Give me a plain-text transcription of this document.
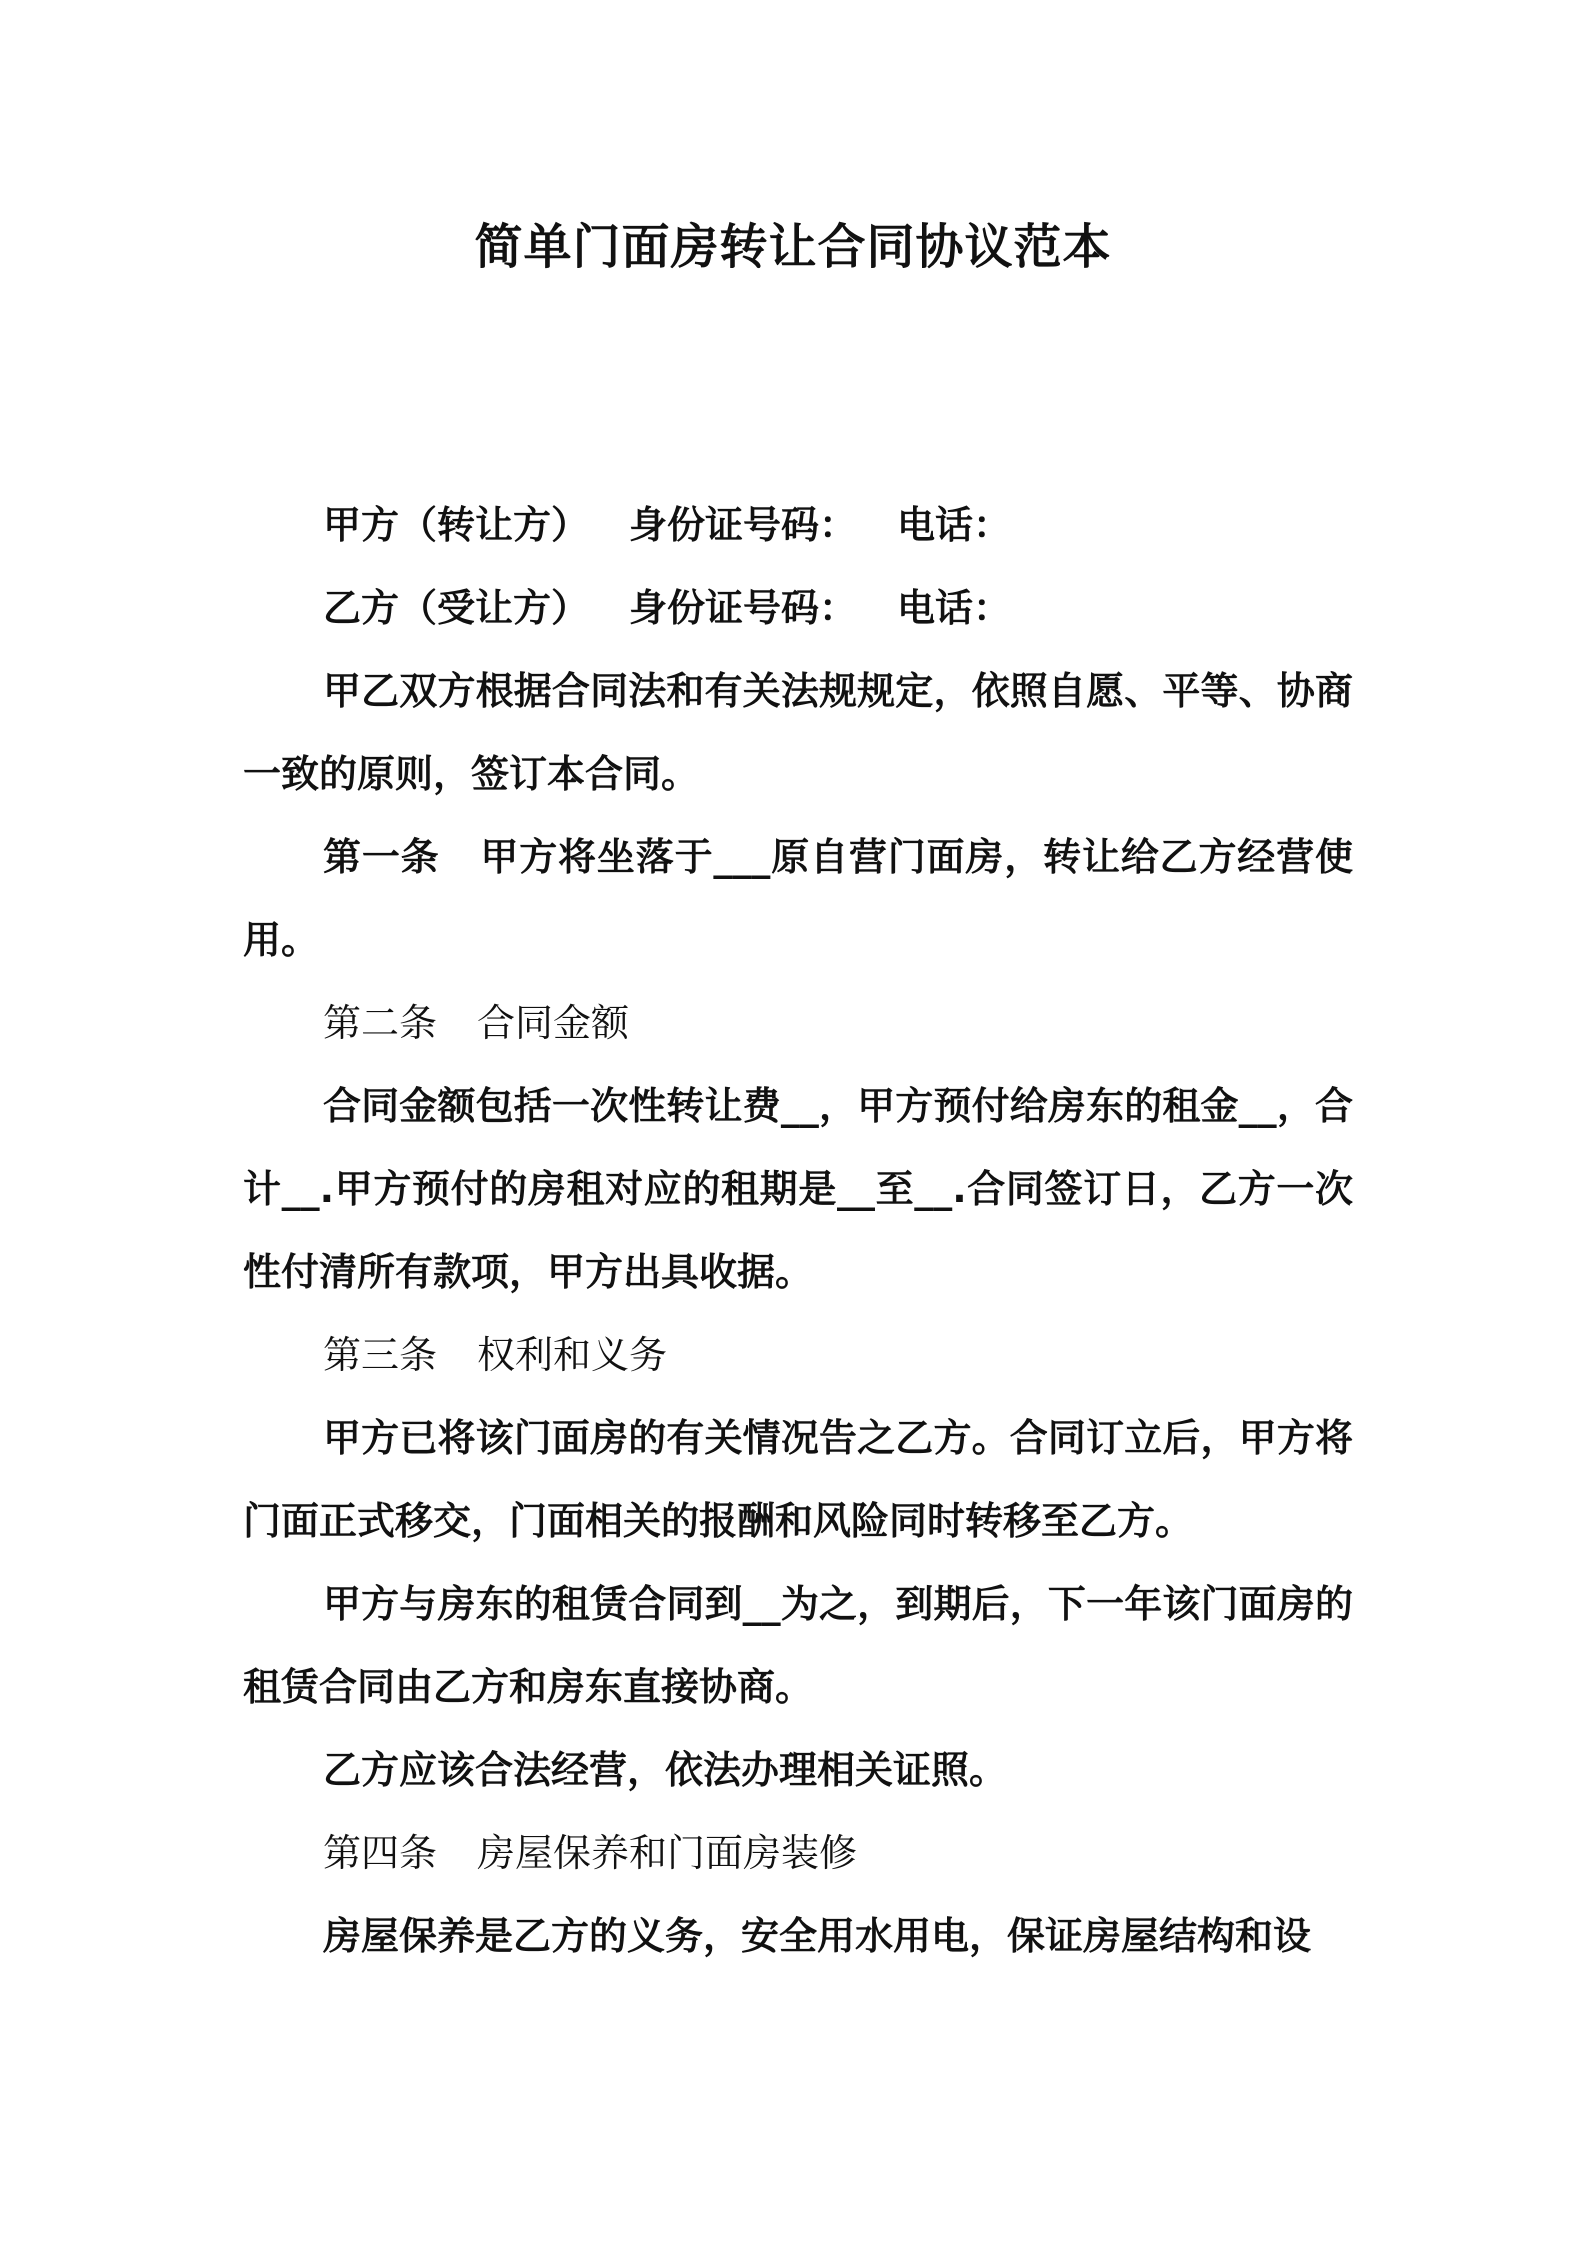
简单门面房转让合同协议范本

甲方（转让方） 身份证号码： 电话：

乙方（受让方） 身份证号码： 电话：

甲乙双方根据合同法和有关法规规定，依照自愿、平等、协商一致的原则，签订本合同。

第一条 甲方将坐落于___原自营门面房，转让给乙方经营使用。

第二条 合同金额

合同金额包括一次性转让费__，甲方预付给房东的租金__，合计__.甲方预付的房租对应的租期是__至__.合同签订日，乙方一次性付清所有款项，甲方出具收据。

第三条 权利和义务

甲方已将该门面房的有关情况告之乙方。合同订立后，甲方将门面正式移交，门面相关的报酬和风险同时转移至乙方。

甲方与房东的租赁合同到__为之，到期后，下一年该门面房的租赁合同由乙方和房东直接协商。

乙方应该合法经营，依法办理相关证照。

第四条 房屋保养和门面房装修

房屋保养是乙方的义务，安全用水用电，保证房屋结构和设
